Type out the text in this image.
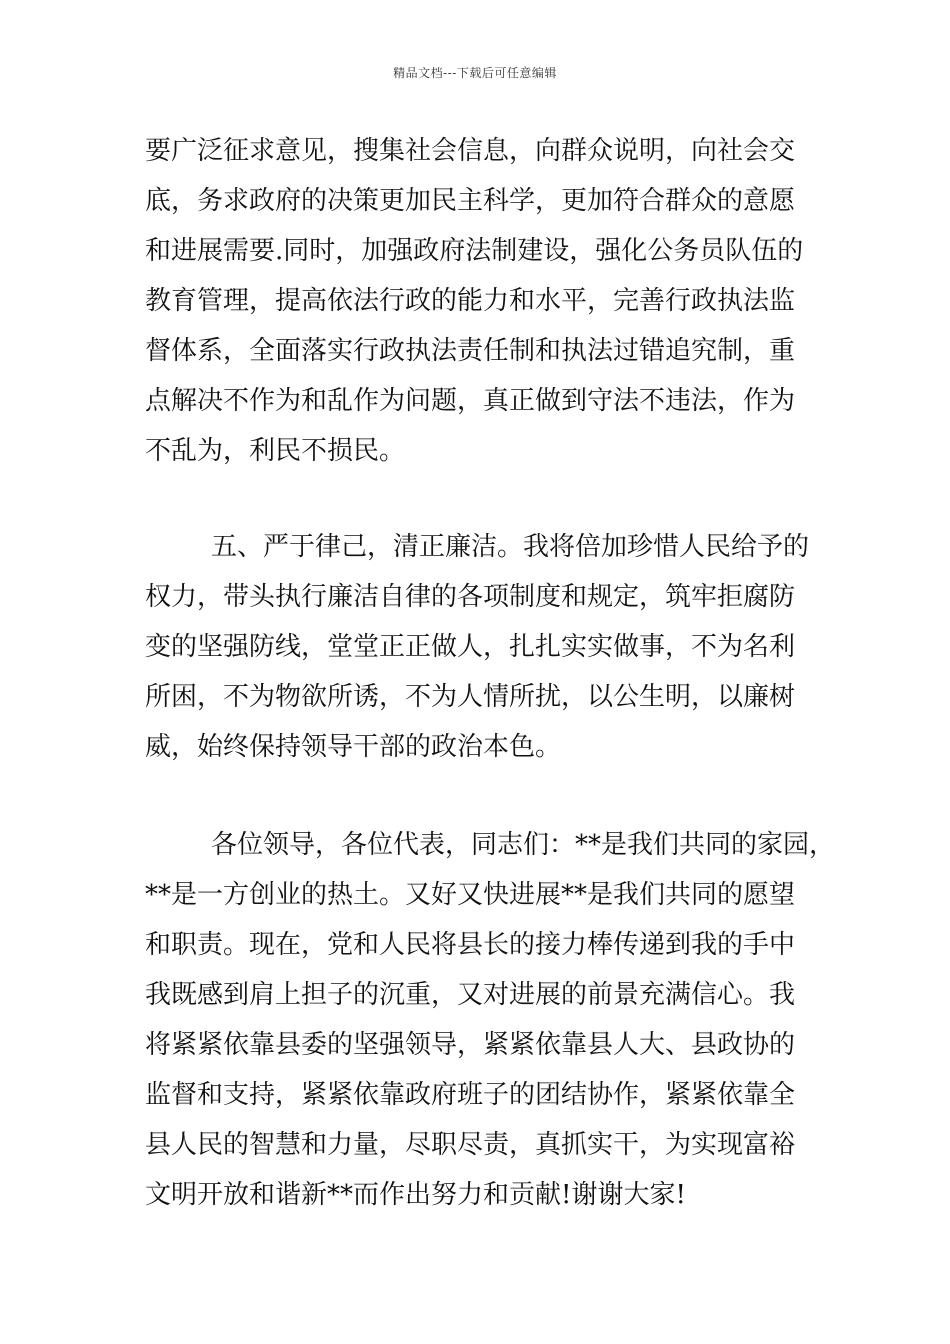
精品文档---下载后可任意编辑
要广泛征求意见，搜集社会信息，向群众说明，向社会交
底，务求政府的决策更加民主科学，更加符合群众的意愿
和进展需要.同时，加强政府法制建设，强化公务员队伍的
教育管理，提高依法行政的能力和水平，完善行政执法监
督体系，全面落实行政执法责任制和执法过错追究制，重
点解决不作为和乱作为问题，真正做到守法不违法，作为
不乱为，利民不损民。
五、严于律己，清正廉洁。我将倍加珍惜人民给予的
权力，带头执行廉洁自律的各项制度和规定，筑牢拒腐防
变的坚强防线，堂堂正正做人，扎扎实实做事，不为名利
所困，不为物欲所诱，不为人情所扰，以公生明，以廉树
威，始终保持领导干部的政治本色。
各位领导，各位代表，同志们：**是我们共同的家园，
**是一方创业的热土。又好又快进展**是我们共同的愿望
和职责。现在，党和人民将县长的接力棒传递到我的手中
我既感到肩上担子的沉重，又对进展的前景充满信心。我
将紧紧依靠县委的坚强领导，紧紧依靠县人大、县政协的
监督和支持，紧紧依靠政府班子的团结协作，紧紧依靠全
县人民的智慧和力量，尽职尽责，真抓实干，为实现富裕
文明开放和谐新**而作出努力和贡献!谢谢大家!
